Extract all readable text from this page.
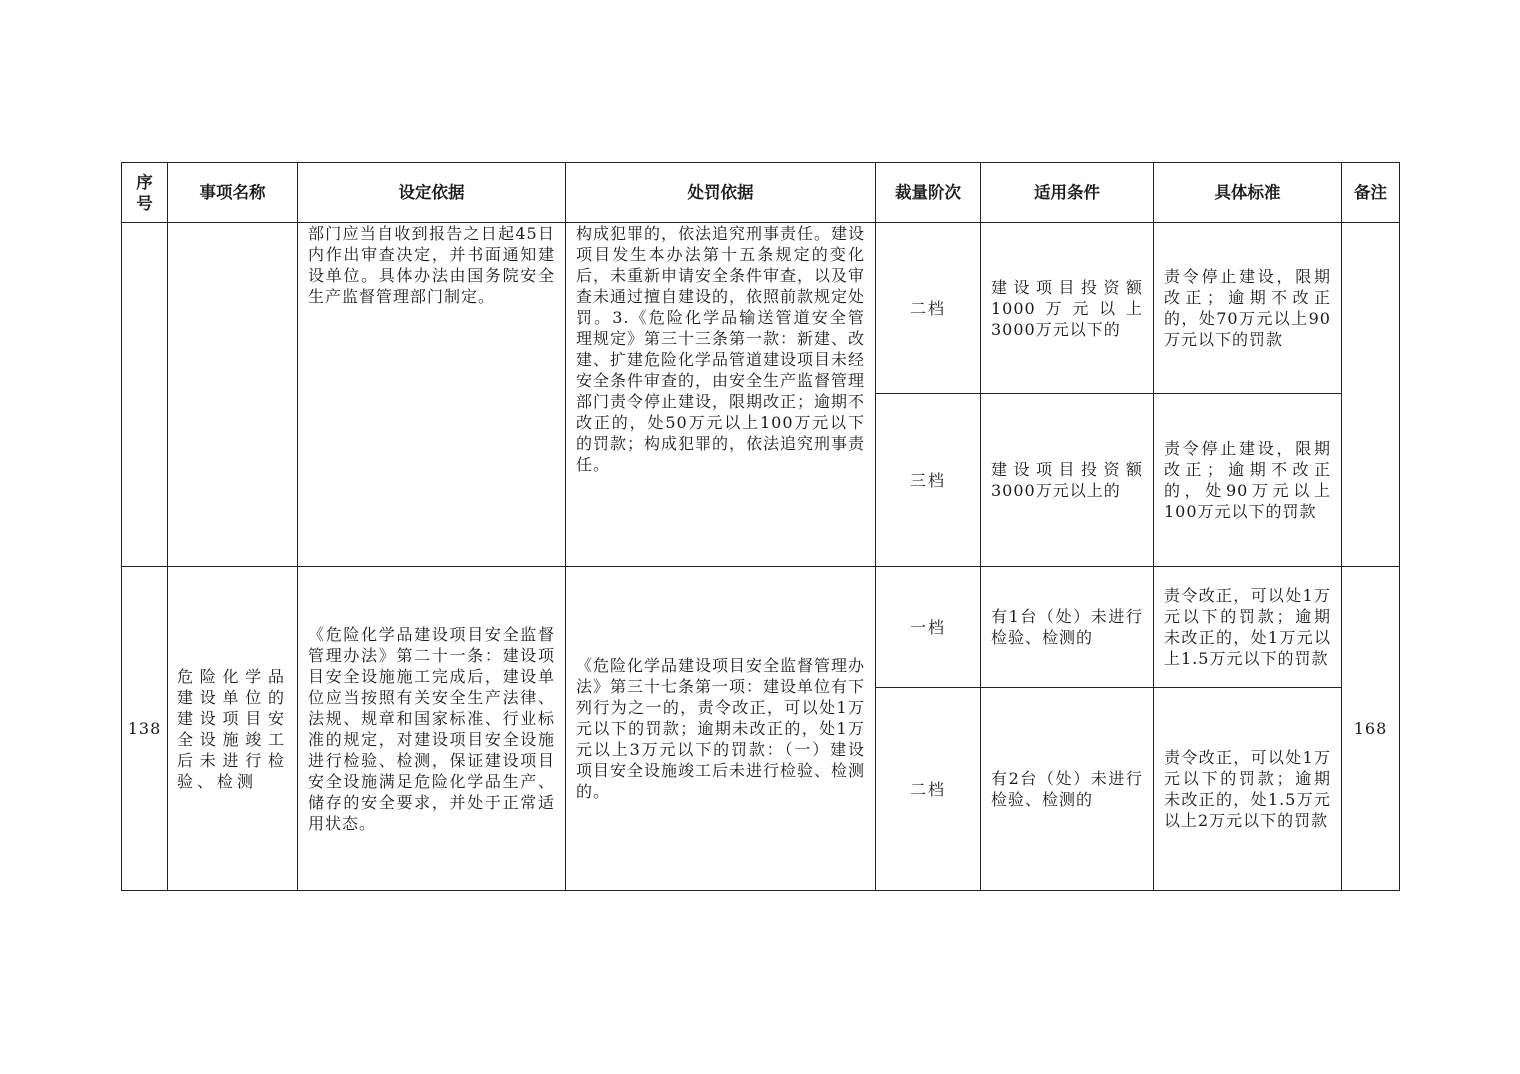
序号	事项名称	设定依据	处罚依据	裁量阶次	适用条件	具体标准	备注
		部门应当自收到报告之日起45日内作出审查决定，并书面通知建设单位。具体办法由国务院安全生产监督管理部门制定。	构成犯罪的，依法追究刑事责任。建设项目发生本办法第十五条规定的变化后，未重新申请安全条件审查，以及审查未通过擅自建设的，依照前款规定处罚。3.《危险化学品输送管道安全管理规定》第三十三条第一款：新建、改建、扩建危险化学品管道建设项目未经安全条件审查的，由安全生产监督管理部门责令停止建设，限期改正；逾期不改正的，处50万元以上100万元以下的罚款；构成犯罪的，依法追究刑事责任。	二档	建设项目投资额1000万元以上3000万元以下的	责令停止建设，限期改正；逾期不改正的，处70万元以上90万元以下的罚款	
				三档	建设项目投资额3000万元以上的	责令停止建设，限期改正；逾期不改正的，处90万元以上100万元以下的罚款	
138	危险化学品建设单位的建设项目安全设施竣工后未进行检验、检测	《危险化学品建设项目安全监督管理办法》第二十一条：建设项目安全设施施工完成后，建设单位应当按照有关安全生产法律、法规、规章和国家标准、行业标准的规定，对建设项目安全设施进行检验、检测，保证建设项目安全设施满足危险化学品生产、储存的安全要求，并处于正常适用状态。	《危险化学品建设项目安全监督管理办法》第三十七条第一项：建设单位有下列行为之一的，责令改正，可以处1万元以下的罚款；逾期未改正的，处1万元以上3万元以下的罚款：（一）建设项目安全设施竣工后未进行检验、检测的。	一档	有1台（处）未进行检验、检测的	责令改正，可以处1万元以下的罚款；逾期未改正的，处1万元以上1.5万元以下的罚款	168
				二档	有2台（处）未进行检验、检测的	责令改正，可以处1万元以下的罚款；逾期未改正的，处1.5万元以上2万元以下的罚款	
